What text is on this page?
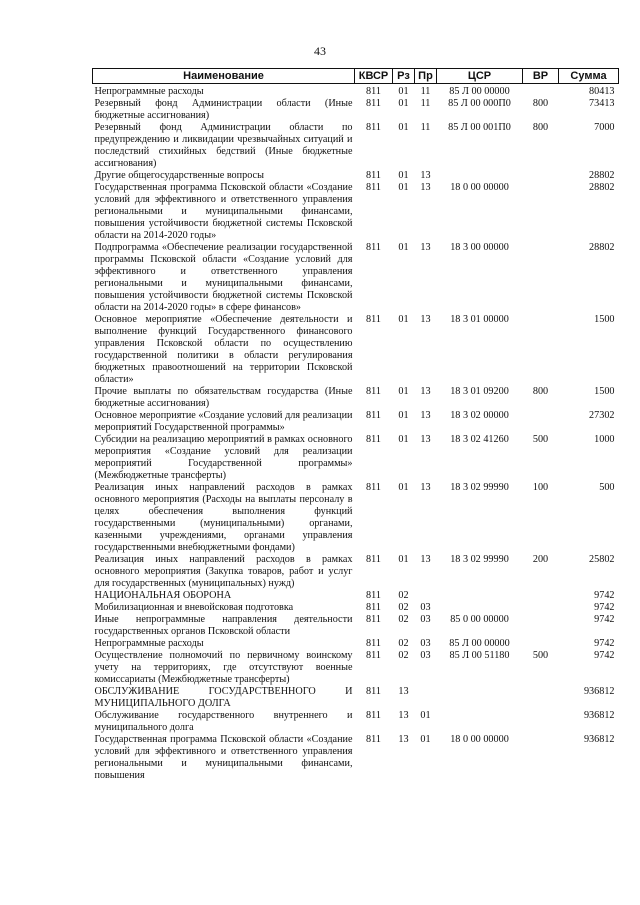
43
Наименование	КВСР	Рз	Пр	ЦСР	ВР	Сумма

Непрограммные расходы	811	01	11	85 Л 00 00000		80413
Резервный фонд Администрации области (Иные бюджетные ассигнования)	811	01	11	85 Л 00 000П0	800	73413
Резервный фонд Администрации области по предупреждению и ликвидации чрезвычайных ситуаций и последствий стихийных бедствий (Иные бюджетные ассигнования)	811	01	11	85 Л 00 001П0	800	7000
Другие общегосударственные вопросы	811	01	13			28802
Государственная программа Псковской области «Создание условий для эффективного и ответственного управления региональными и муниципальными финансами, повышения устойчивости бюджетной системы Псковской области на 2014-2020 годы»	811	01	13	18 0 00 00000		28802
Подпрограмма «Обеспечение реализации государственной программы Псковской области «Создание условий для эффективного и ответственного управления региональными и муниципальными финансами, повышения устойчивости бюджетной системы Псковской области на 2014-2020 годы» в сфере финансов»	811	01	13	18 3 00 00000		28802
Основное мероприятие «Обеспечение деятельности и выполнение функций Государственного финансового управления Псковской области по осуществлению государственной политики в области регулирования бюджетных правоотношений на территории Псковской области»	811	01	13	18 3 01 00000		1500
Прочие выплаты по обязательствам государства (Иные бюджетные ассигнования)	811	01	13	18 3 01 09200	800	1500
Основное мероприятие «Создание условий для реализации мероприятий Государственной программы»	811	01	13	18 3 02 00000		27302
Субсидии на реализацию мероприятий в рамках основного мероприятия «Создание условий для реализации мероприятий Государственной программы» (Межбюджетные трансферты)	811	01	13	18 3 02 41260	500	1000
Реализация иных направлений расходов в рамках основного мероприятия (Расходы на выплаты персоналу в целях обеспечения выполнения функций государственными (муниципальными) органами, казенными учреждениями, органами управления государственными внебюджетными фондами)	811	01	13	18 3 02 99990	100	500
Реализация иных направлений расходов в рамках основного мероприятия (Закупка товаров, работ и услуг для государственных (муниципальных) нужд)	811	01	13	18 3 02 99990	200	25802
НАЦИОНАЛЬНАЯ ОБОРОНА	811	02				9742
Мобилизационная и вневойсковая подготовка	811	02	03			9742
Иные непрограммные направления деятельности государственных органов Псковской области	811	02	03	85 0 00 00000		9742
Непрограммные расходы	811	02	03	85 Л 00 00000		9742
Осуществление полномочий по первичному воинскому учету на территориях, где отсутствуют военные комиссариаты (Межбюджетные трансферты)	811	02	03	85 Л 00 51180	500	9742
ОБСЛУЖИВАНИЕ ГОСУДАРСТВЕННОГО И МУНИЦИПАЛЬНОГО ДОЛГА	811	13				936812
Обслуживание государственного внутреннего и муниципального долга	811	13	01			936812
Государственная программа Псковской области «Создание условий для эффективного и ответственного управления региональными и муниципальными финансами, повышения	811	13	01	18 0 00 00000		936812
